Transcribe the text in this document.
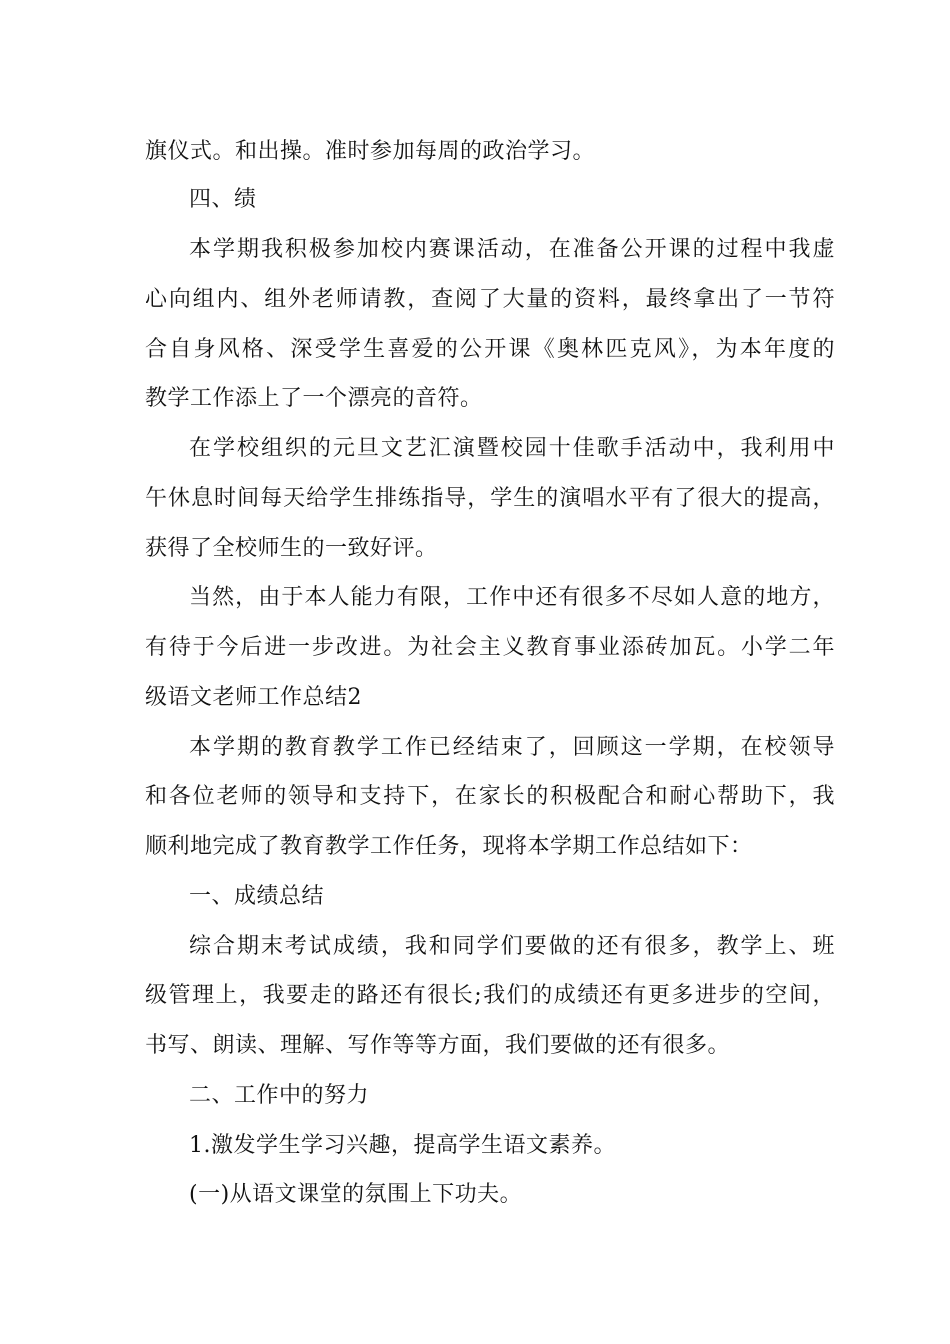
旗仪式。和出操。准时参加每周的政治学习。
四、绩
本学期我积极参加校内赛课活动，在准备公开课的过程中我虚
心向组内、组外老师请教，查阅了大量的资料，最终拿出了一节符
合自身风格、深受学生喜爱的公开课《奥林匹克风》，为本年度的
教学工作添上了一个漂亮的音符。
在学校组织的元旦文艺汇演暨校园十佳歌手活动中，我利用中
午休息时间每天给学生排练指导，学生的演唱水平有了很大的提高，
获得了全校师生的一致好评。
当然，由于本人能力有限，工作中还有很多不尽如人意的地方，
有待于今后进一步改进。为社会主义教育事业添砖加瓦。小学二年
级语文老师工作总结2
本学期的教育教学工作已经结束了，回顾这一学期，在校领导
和各位老师的领导和支持下，在家长的积极配合和耐心帮助下，我
顺利地完成了教育教学工作任务，现将本学期工作总结如下：
一、成绩总结
综合期末考试成绩，我和同学们要做的还有很多，教学上、班
级管理上，我要走的路还有很长;我们的成绩还有更多进步的空间，
书写、朗读、理解、写作等等方面，我们要做的还有很多。
二、工作中的努力
1.激发学生学习兴趣，提高学生语文素养。
(一)从语文课堂的氛围上下功夫。
